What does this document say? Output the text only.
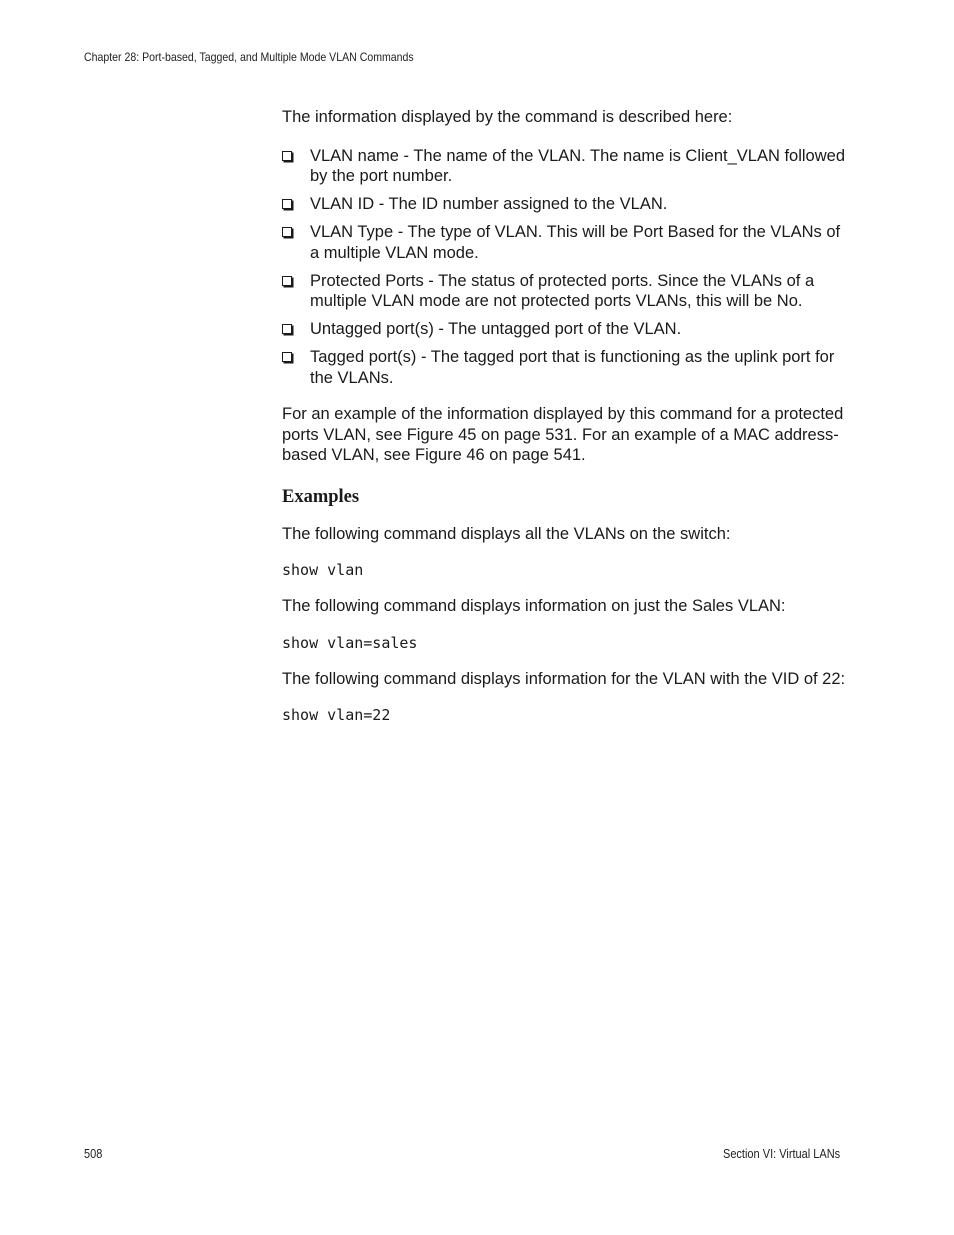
Chapter 28: Port-based, Tagged, and Multiple Mode VLAN Commands

The information displayed by the command is described here:

VLAN name - The name of the VLAN. The name is Client_VLAN followed by the port number.
VLAN ID - The ID number assigned to the VLAN.
VLAN Type - The type of VLAN. This will be Port Based for the VLANs of a multiple VLAN mode.
Protected Ports - The status of protected ports. Since the VLANs of a multiple VLAN mode are not protected ports VLANs, this will be No.
Untagged port(s) - The untagged port of the VLAN.
Tagged port(s) - The tagged port that is functioning as the uplink port for the VLANs.

For an example of the information displayed by this command for a protected ports VLAN, see Figure 45 on page 531. For an example of a MAC address-based VLAN, see Figure 46 on page 541.

Examples

The following command displays all the VLANs on the switch:

show vlan

The following command displays information on just the Sales VLAN:

show vlan=sales

The following command displays information for the VLAN with the VID of 22:

show vlan=22

508	Section VI: Virtual LANs
